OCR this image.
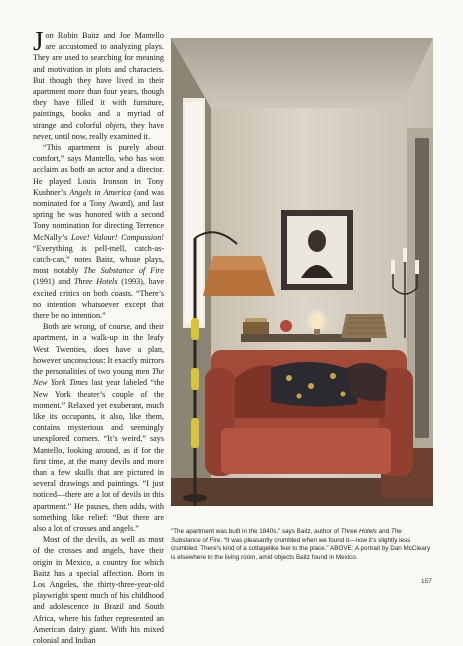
Jon Robin Baitz and Joe Mantello are accustomed to analyzing plays. They are used to searching for meaning and motivation in plots and characters. But though they have lived in their apartment more than four years, though they have filled it with furniture, paintings, books and a myriad of strange and colorful objets, they have never, until now, really examined it.

“This apartment is purely about comfort,” says Mantello, who has won acclaim as both an actor and a director. He played Louis Ironson in Tony Kushner’s Angels in America (and was nominated for a Tony Award), and last spring he was honored with a second Tony nomination for directing Terrence McNally’s Love! Valour! Compassion! “Everything is pell-mell, catch-as-catch-can,” notes Baitz, whose plays, most notably The Substance of Fire (1991) and Three Hotels (1993), have excited critics on both coasts. “There’s no intention whatsoever except that there be no intention.”

Both are wrong, of course, and their apartment, in a walk-up in the leafy West Twenties, does have a plan, however unconscious: It exactly mirrors the personalities of two young men The New York Times last year labeled “the New York theater’s couple of the moment.” Relaxed yet exuberant, much like its occupants, it also, like them, contains mysterious and seemingly unexplored corners. “It’s weird,” says Mantello, looking around, as if for the first time, at the many devils and more than a few skulls that are pictured in several drawings and paintings. “I just noticed—there are a lot of devils in this apartment.” He pauses, then adds, with something like relief: “But there are also a lot of crosses and angels.”

Most of the devils, as well as most of the crosses and angels, have their origin in Mexico, a country for which Baitz has a special affection. Born in Los Angeles, the thirty-three-year-old playwright spent much of his childhood and adolescence in Brazil and South Africa, where his father represented an American dairy giant. With his mixed colonial and Indian

“The apartment was built in the 1840s,” says Baitz, author of Three Hotels and The Substance of Fire. “It was pleasantly crumbled when we found it—now it’s slightly less crumbled. There’s kind of a cottagelike feel to the place.” ABOVE: A portrait by Dan McCleary is elsewhere in the living room, amid objects Baitz found in Mexico.
157
